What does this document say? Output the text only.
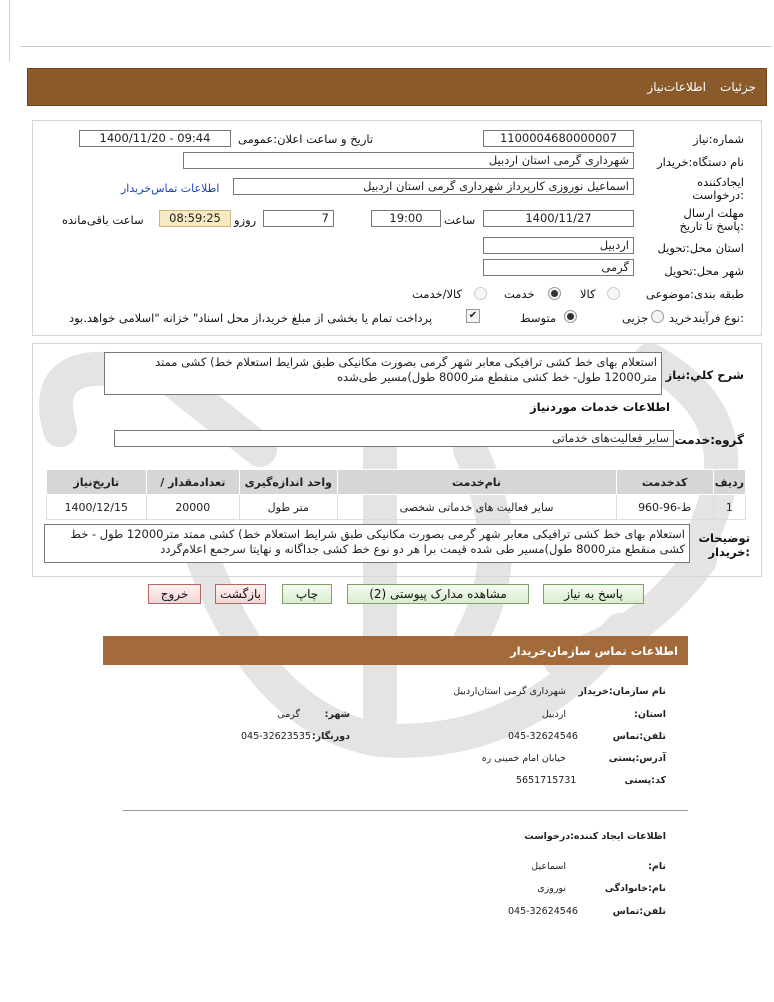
جزئیات
اطلاعات‌نیاز
شماره:نیاز
1100004680000007
تاریخ و ساعت اعلان:عمومی
1400/11/20 - 09:44
نام دستگاه:خریدار
شهرداری گرمی استان اردبیل
ایجادکننده درخواست:
اسماعیل نوروزی کارپرداز شهرداری گرمی استان اردبیل
اطلاعات تماس‌خریدار
مهلت ارسال :پاسخ تا تاریخ
1400/11/27
ساعت
19:00
7
روزو
08:59:25
ساعت باقی‌مانده
استان محل:تحویل
اردبیل
شهر محل:تحویل
گرمی
طبقه بندی:موضوعی
کالا
خدمت
کالا/خدمت
نوع فرآیند:
خرید
جزیی
متوسط
✔
پرداخت تمام یا بخشی از مبلغ خرید،از محل اسناد" خزانه "اسلامی خواهد.بود
شرح کلي:نیاز
استعلام بهای خط کشی ترافیکی معابر شهر گرمی بصورت مکانیکی طبق شرایط استعلام خط) کشی ممتد متر12000 طول- خط کشی منقطع متر8000 طول)مسیر طی‌شده
اطلاعات خدمات موردنیاز
گروه:خدمت
سایر فعالیت‌های خدماتی
تاریخ‌نیاز	/ تعدادمقدار	واحد اندازه‌گیری	نام‌خدمت	کدخدمت	ردیف
1400/12/15	20000	متر طول	سایر فعالیت های خدماتی شخصی	ط-96-960	1
توضیحات :خریدار
استعلام بهای خط کشی ترافیکی معابر شهر گرمی بصورت مکانیکی طبق شرایط استعلام خط) کشی ممتد متر12000 طول - خط کشی منقطع متر8000 طول)مسیر طی شده قیمت برا هر دو نوع خط کشی جداگانه و نهایتا سرجمع اعلام‌گردد
پاسخ به نیاز
مشاهده مدارک پیوستی (2)
چاپ
بازگشت
خروج
اطلاعات تماس سازمان‌خریدار
نام سازمان:خریدار
شهرداری گرمی استان‌اردبیل
استان:
اردبیل
شهر:
گرمی
تلفن:تماس
045-32624546
دورنگار:
045-32623535
آدرس:پستی
خیابان امام خمینی ره
کد:پستی
5651715731
اطلاعات ایجاد کننده:درخواست
نام:
اسماعیل
نام:خانوادگی
نوروزی
تلفن:تماس
045-32624546
